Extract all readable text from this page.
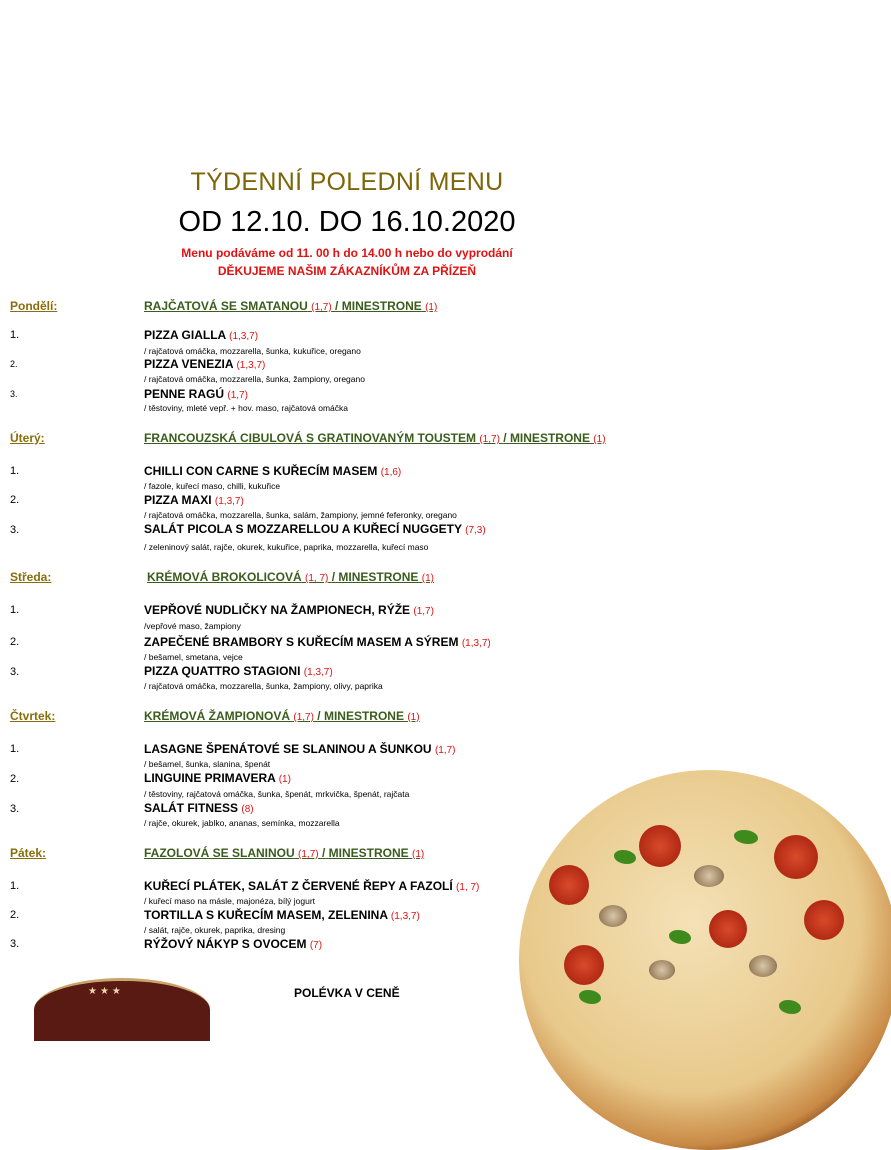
TÝDENNÍ POLEDNÍ MENU
OD 12.10. DO 16.10.2020
Menu podáváme od 11. 00 h do 14.00 h nebo do vyprodání
DĚKUJEME NAŠIM ZÁKAZNÍKŮM ZA PŘÍZEŇ
Pondělí:	RAJČATOVÁ SE SMATANOU (1,7) / MINESTRONE (1)
1.	PIZZA GIALLA (1,3,7)
/ rajčatová omáčka, mozzarella, šunka, kukuřice, oregano
2.	PIZZA VENEZIA (1,3,7)
/ rajčatová omáčka, mozzarella, šunka, žampiony, oregano
3.	PENNE RAGÚ (1,7)
/ těstoviny, mleté vepř. + hov. maso, rajčatová omáčka
Úterý:	FRANCOUZSKÁ CIBULOVÁ S GRATINOVANÝM TOUSTEM (1,7) / MINESTRONE (1)
1.	CHILLI CON CARNE S KUŘECÍM MASEM (1,6)
/ fazole, kuřecí maso, chilli, kukuřice
2.	PIZZA MAXI (1,3,7)
/ rajčatová omáčka, mozzarella, šunka, salám, žampiony, jemné feferonky, oregano
3.	SALÁT PICOLA S MOZZARELLOU A KUŘECÍ NUGGETY (7,3)
/ zeleninový salát, rajče, okurek, kukuřice, paprika, mozzarella, kuřecí maso
Středa:	KRÉMOVÁ BROKOLICOVÁ (1, 7) / MINESTRONE (1)
1.	VEPŘOVÉ NUDLIČKY NA ŽAMPIONECH, RÝŽE (1,7)
/vepřové maso, žampiony
2.	ZAPEČENÉ BRAMBORY S KUŘECÍM MASEM A SÝREM (1,3,7)
/ bešamel, smetana, vejce
3.	PIZZA QUATTRO STAGIONI (1,3,7)
/ rajčatová omáčka, mozzarella, šunka, žampiony, olivy, paprika
Čtvrtek:	KRÉMOVÁ ŽAMPIONOVÁ (1,7) / MINESTRONE (1)
1.	LASAGNE ŠPENÁTOVÉ SE SLANINOU A ŠUNKOU (1,7)
/ bešamel, šunka, slanina, špenát
2.	LINGUINE PRIMAVERA (1)
/ těstoviny, rajčatová omáčka, šunka, špenát, mrkvička, špenát, rajčata
3.	SALÁT FITNESS (8)
/ rajče, okurek, jablko, ananas, semínka, mozzarella
Pátek:	FAZOLOVÁ SE SLANINOU (1,7) / MINESTRONE (1)
1.	KUŘECÍ PLÁTEK, SALÁT Z ČERVENÉ ŘEPY A FAZOLÍ (1, 7)
/ kuřecí maso na másle, majonéza, bílý jogurt
2.	TORTILLA S KUŘECÍM MASEM, ZELENINA (1,3,7)
/ salát, rajče, okurek, paprika, dresing
3.	RÝŽOVÝ NÁKYP S OVOCEM (7)
★★★	POLÉVKA V CENĚ
